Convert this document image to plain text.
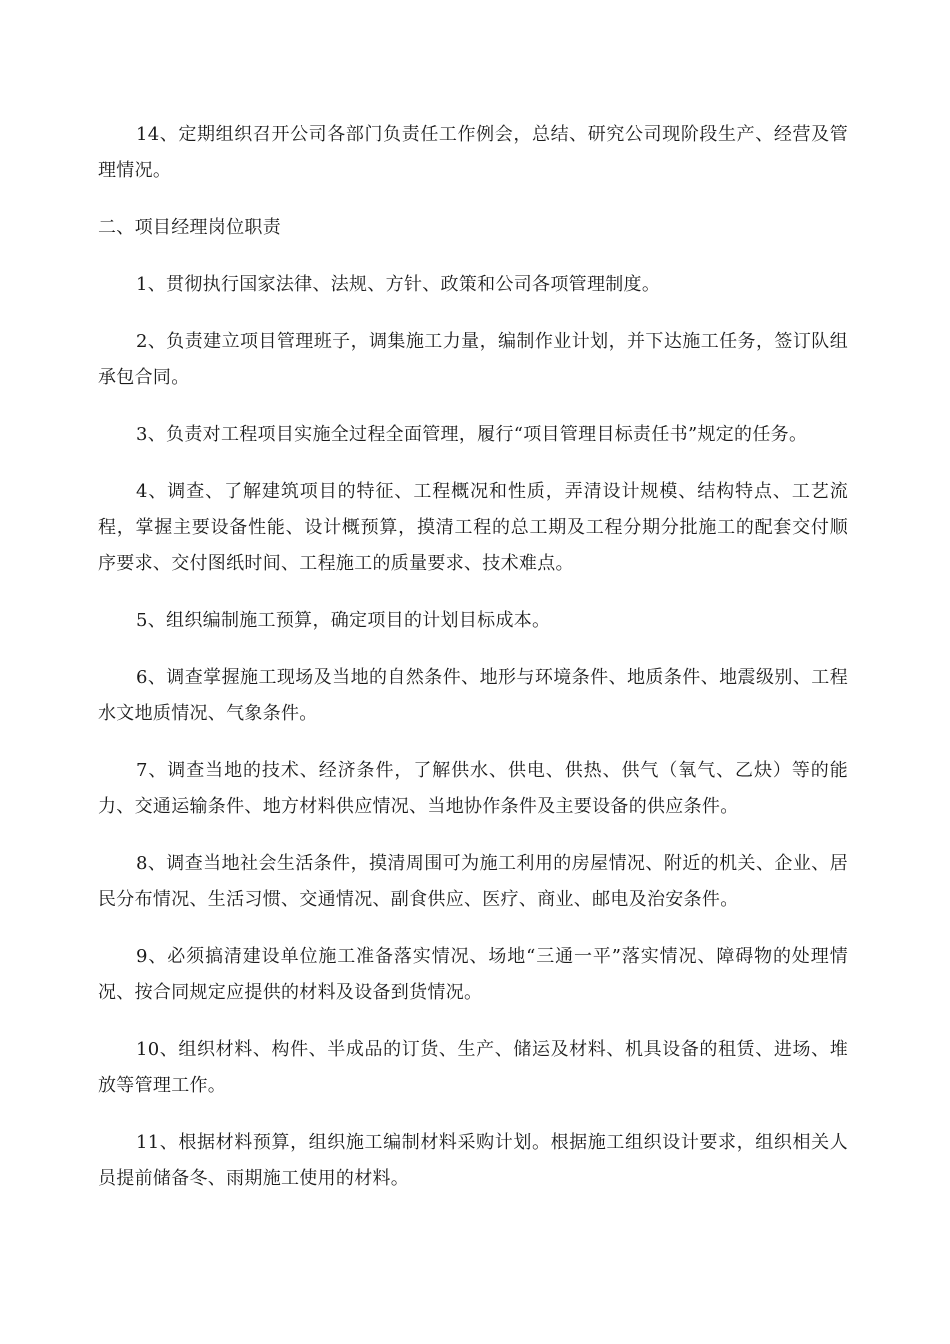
14、定期组织召开公司各部门负责任工作例会，总结、研究公司现阶段生产、经营及管理情况。

二、项目经理岗位职责

1、贯彻执行国家法律、法规、方针、政策和公司各项管理制度。

2、负责建立项目管理班子，调集施工力量，编制作业计划，并下达施工任务，签订队组承包合同。

3、负责对工程项目实施全过程全面管理，履行“项目管理目标责任书”规定的任务。

4、调查、了解建筑项目的特征、工程概况和性质，弄清设计规模、结构特点、工艺流程，掌握主要设备性能、设计概预算，摸清工程的总工期及工程分期分批施工的配套交付顺序要求、交付图纸时间、工程施工的质量要求、技术难点。

5、组织编制施工预算，确定项目的计划目标成本。

6、调查掌握施工现场及当地的自然条件、地形与环境条件、地质条件、地震级别、工程水文地质情况、气象条件。

7、调查当地的技术、经济条件，了解供水、供电、供热、供气（氧气、乙炔）等的能力、交通运输条件、地方材料供应情况、当地协作条件及主要设备的供应条件。

8、调查当地社会生活条件，摸清周围可为施工利用的房屋情况、附近的机关、企业、居民分布情况、生活习惯、交通情况、副食供应、医疗、商业、邮电及治安条件。

9、必须搞清建设单位施工准备落实情况、场地“三通一平”落实情况、障碍物的处理情况、按合同规定应提供的材料及设备到货情况。

10、组织材料、构件、半成品的订货、生产、储运及材料、机具设备的租赁、进场、堆放等管理工作。

11、根据材料预算，组织施工编制材料采购计划。根据施工组织设计要求，组织相关人员提前储备冬、雨期施工使用的材料。
